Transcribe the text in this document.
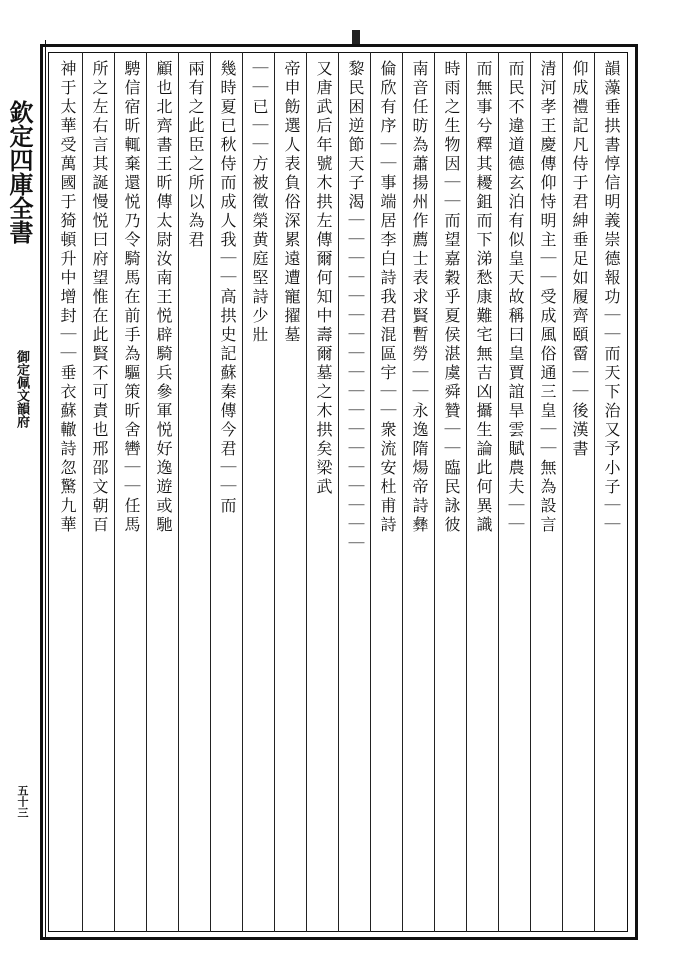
欽定四庫全書
御定佩文韻府
五十三
韻藻垂拱書惇信明義崇德報功｜｜而天下治又予小子｜｜
仰成禮記凡侍于君紳垂足如履齊頤霤｜｜後漢書
清河孝王慶傳仰恃明主｜｜受成風俗通三皇｜｜無為設言
而民不違道德玄泊有似皇天故稱曰皇賈誼旱雲賦農夫｜｜
而無事兮釋其耰鉏而下涕愁康難宅無吉凶攝生論此何異識
時雨之生物因｜｜而望嘉穀乎夏侯湛虞舜贊｜｜臨民詠彼
南音任昉為蕭揚州作薦士表求賢暫勞｜｜永逸隋煬帝詩彝
倫欣有序｜｜事端居李白詩我君混區宇｜｜衆流安杜甫詩
黎民困逆節天子渴｜｜｜｜｜｜｜｜｜｜｜｜｜｜｜｜｜｜
又唐武后年號木拱左傳爾何知中壽爾墓之木拱矣梁武
帝申飭選人表負俗深累遠遭寵擢墓
｜｜已｜｜方被徵榮黄庭堅詩少壯
幾時夏已秋侍而成人我｜｜高拱史記蘇秦傳今君｜｜而
兩有之此臣之所以為君
顧也北齊書王昕傳太尉汝南王悦辟騎兵參軍悦好逸遊或馳
騁信宿昕輒棄還悦乃令騎馬在前手為驅策昕舍轡｜｜任馬
所之左右言其誕慢悦曰府望惟在此賢不可責也邢邵文朝百
神于太華受萬國于猗頓升中增封｜｜垂衣蘇轍詩忽驚九華
